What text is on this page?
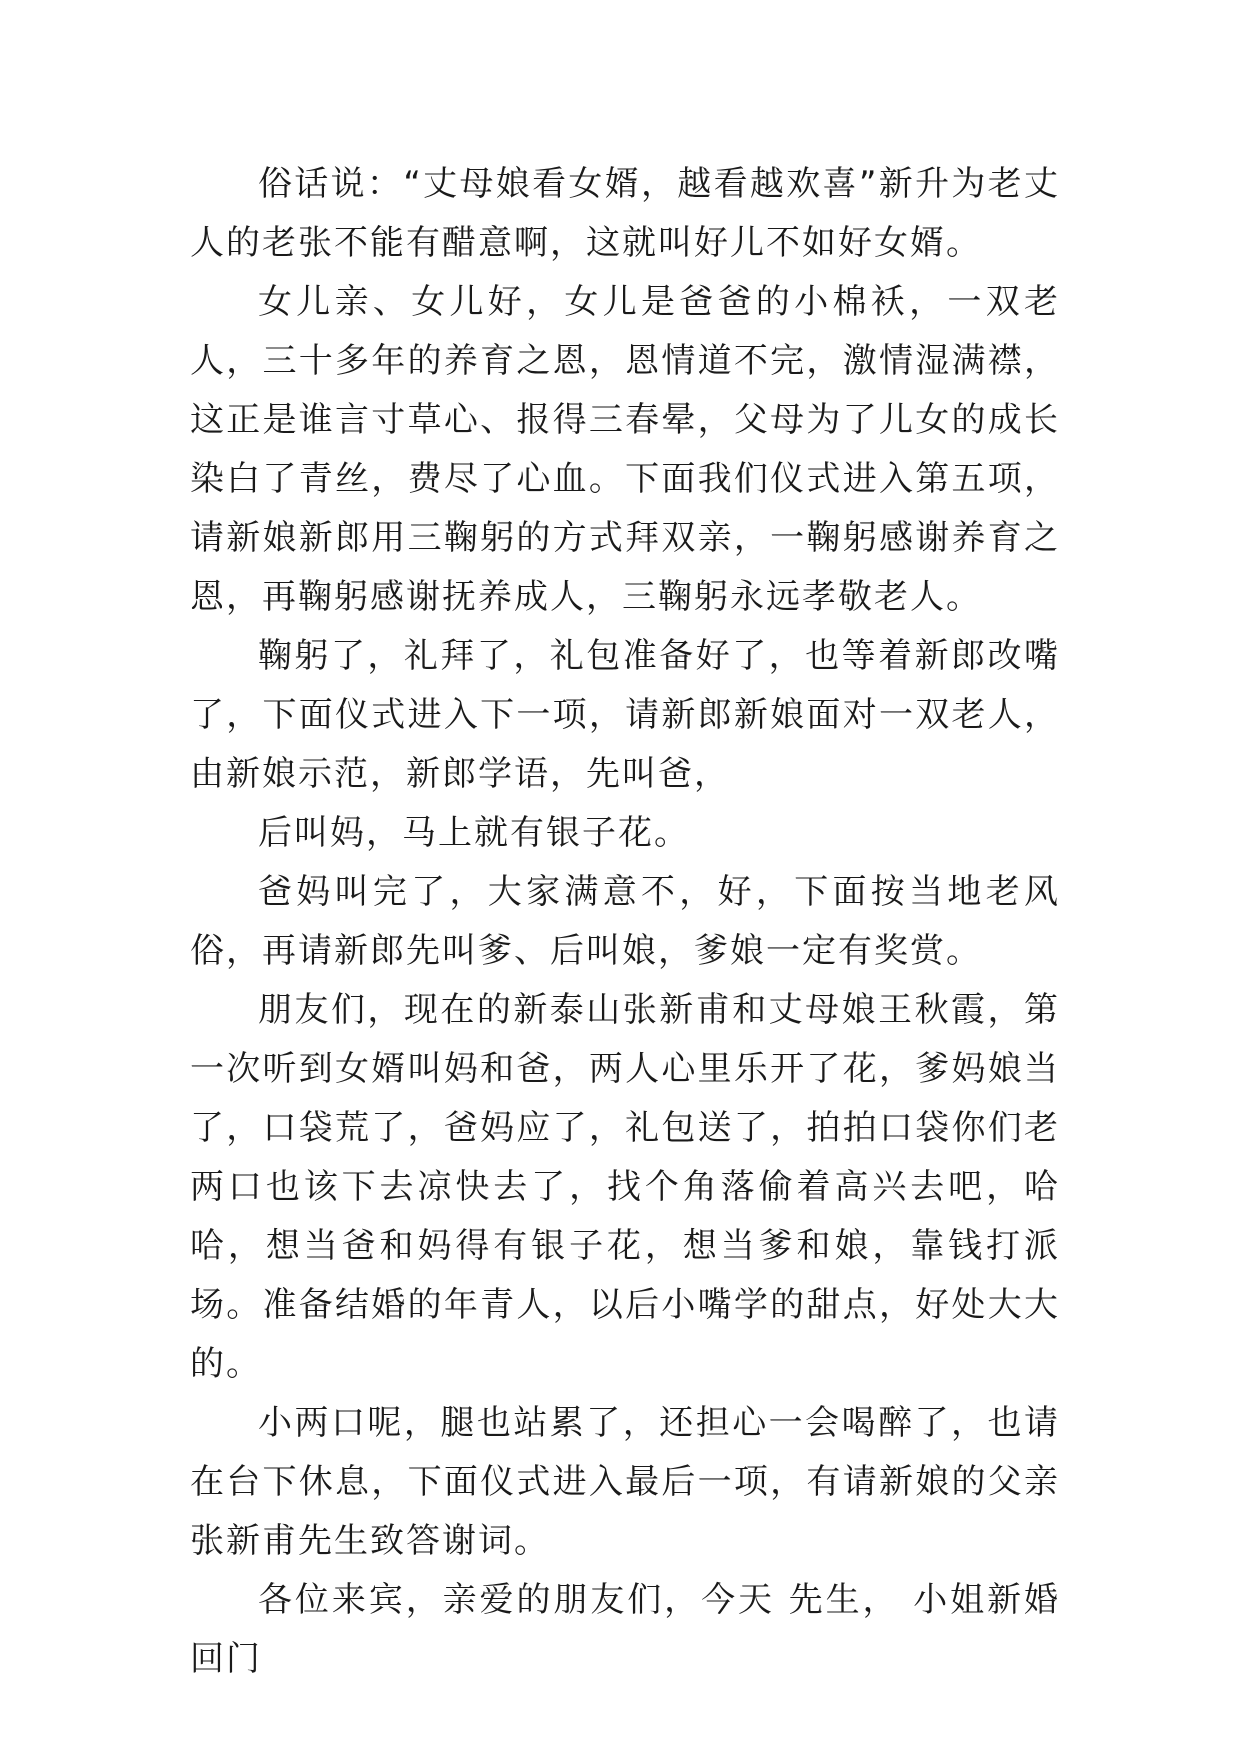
俗话说：“丈母娘看女婿，越看越欢喜”新升为老丈人的老张不能有醋意啊，这就叫好儿不如好女婿。

女儿亲、女儿好，女儿是爸爸的小棉袄，一双老人，三十多年的养育之恩，恩情道不完，激情湿满襟，这正是谁言寸草心、报得三春晕，父母为了儿女的成长染白了青丝，费尽了心血。下面我们仪式进入第五项，请新娘新郎用三鞠躬的方式拜双亲，一鞠躬感谢养育之恩，再鞠躬感谢抚养成人，三鞠躬永远孝敬老人。

鞠躬了，礼拜了，礼包准备好了，也等着新郎改嘴了，下面仪式进入下一项，请新郎新娘面对一双老人，由新娘示范，新郎学语，先叫爸，

后叫妈，马上就有银子花。

爸妈叫完了，大家满意不，好，下面按当地老风俗，再请新郎先叫爹、后叫娘，爹娘一定有奖赏。

朋友们，现在的新泰山张新甫和丈母娘王秋霞，第一次听到女婿叫妈和爸，两人心里乐开了花，爹妈娘当了，口袋荒了，爸妈应了，礼包送了，拍拍口袋你们老两口也该下去凉快去了，找个角落偷着高兴去吧，哈哈，想当爸和妈得有银子花，想当爹和娘，靠钱打派场。准备结婚的年青人，以后小嘴学的甜点，好处大大的。

小两口呢，腿也站累了，还担心一会喝醉了，也请在台下休息，下面仪式进入最后一项，有请新娘的父亲张新甫先生致答谢词。

各位来宾，亲爱的朋友们，今天 先生， 小姐新婚回门
